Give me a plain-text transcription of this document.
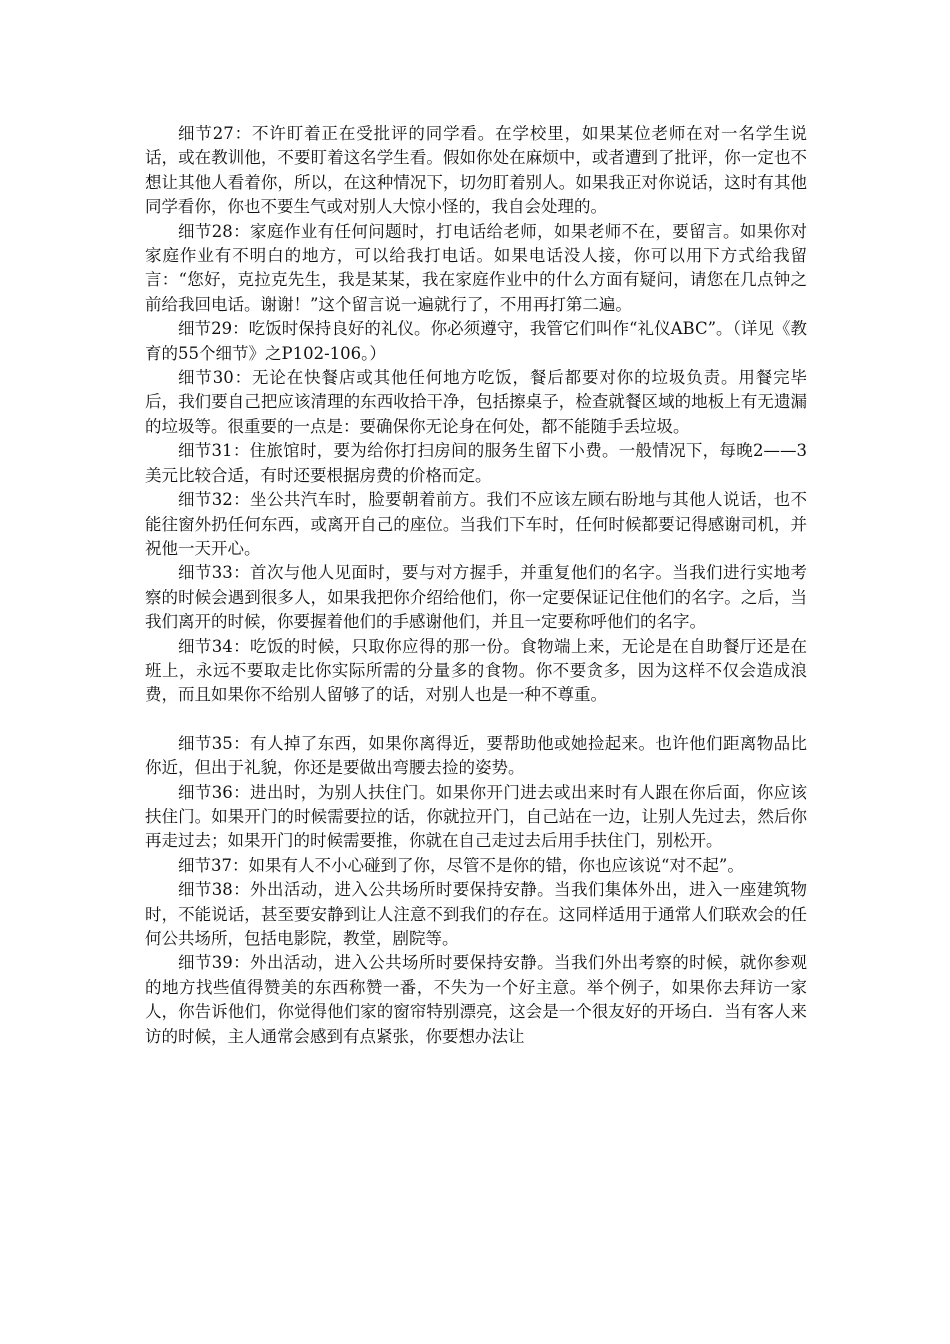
细节27：不许盯着正在受批评的同学看。在学校里，如果某位老师在对一名学生说话，或在教训他，不要盯着这名学生看。假如你处在麻烦中，或者遭到了批评，你一定也不想让其他人看着你，所以，在这种情况下，切勿盯着别人。如果我正对你说话，这时有其他同学看你，你也不要生气或对别人大惊小怪的，我自会处理的。

细节28：家庭作业有任何问题时，打电话给老师，如果老师不在，要留言。如果你对家庭作业有不明白的地方，可以给我打电话。如果电话没人接，你可以用下方式给我留言：“您好，克拉克先生，我是某某，我在家庭作业中的什么方面有疑问，请您在几点钟之前给我回电话。谢谢！”这个留言说一遍就行了，不用再打第二遍。

细节29：吃饭时保持良好的礼仪。你必须遵守，我管它们叫作“礼仪ABC”。（详见《教育的55个细节》之P102-106。）

细节30：无论在快餐店或其他任何地方吃饭，餐后都要对你的垃圾负责。用餐完毕后，我们要自己把应该清理的东西收拾干净，包括擦桌子，检查就餐区域的地板上有无遗漏的垃圾等。很重要的一点是：要确保你无论身在何处，都不能随手丢垃圾。

细节31：住旅馆时，要为给你打扫房间的服务生留下小费。一般情况下，每晚2——3美元比较合适，有时还要根据房费的价格而定。

细节32：坐公共汽车时，脸要朝着前方。我们不应该左顾右盼地与其他人说话，也不能往窗外扔任何东西，或离开自己的座位。当我们下车时，任何时候都要记得感谢司机，并祝他一天开心。

细节33：首次与他人见面时，要与对方握手，并重复他们的名字。当我们进行实地考察的时候会遇到很多人，如果我把你介绍给他们，你一定要保证记住他们的名字。之后，当我们离开的时候，你要握着他们的手感谢他们，并且一定要称呼他们的名字。

细节34：吃饭的时候，只取你应得的那一份。食物端上来，无论是在自助餐厅还是在班上，永远不要取走比你实际所需的分量多的食物。你不要贪多，因为这样不仅会造成浪费，而且如果你不给别人留够了的话，对别人也是一种不尊重。

细节35：有人掉了东西，如果你离得近，要帮助他或她捡起来。也许他们距离物品比你近，但出于礼貌，你还是要做出弯腰去捡的姿势。

细节36：进出时，为别人扶住门。如果你开门进去或出来时有人跟在你后面，你应该扶住门。如果开门的时候需要拉的话，你就拉开门，自己站在一边，让别人先过去，然后你再走过去；如果开门的时候需要推，你就在自己走过去后用手扶住门，别松开。

细节37：如果有人不小心碰到了你，尽管不是你的错，你也应该说“对不起”。

细节38：外出活动，进入公共场所时要保持安静。当我们集体外出，进入一座建筑物时，不能说话，甚至要安静到让人注意不到我们的存在。这同样适用于通常人们联欢会的任何公共场所，包括电影院，教堂，剧院等。

细节39：外出活动，进入公共场所时要保持安静。当我们外出考察的时候，就你参观的地方找些值得赞美的东西称赞一番，不失为一个好主意。举个例子，如果你去拜访一家人，你告诉他们，你觉得他们家的窗帘特别漂亮，这会是一个很友好的开场白．当有客人来访的时候，主人通常会感到有点紧张，你要想办法让
